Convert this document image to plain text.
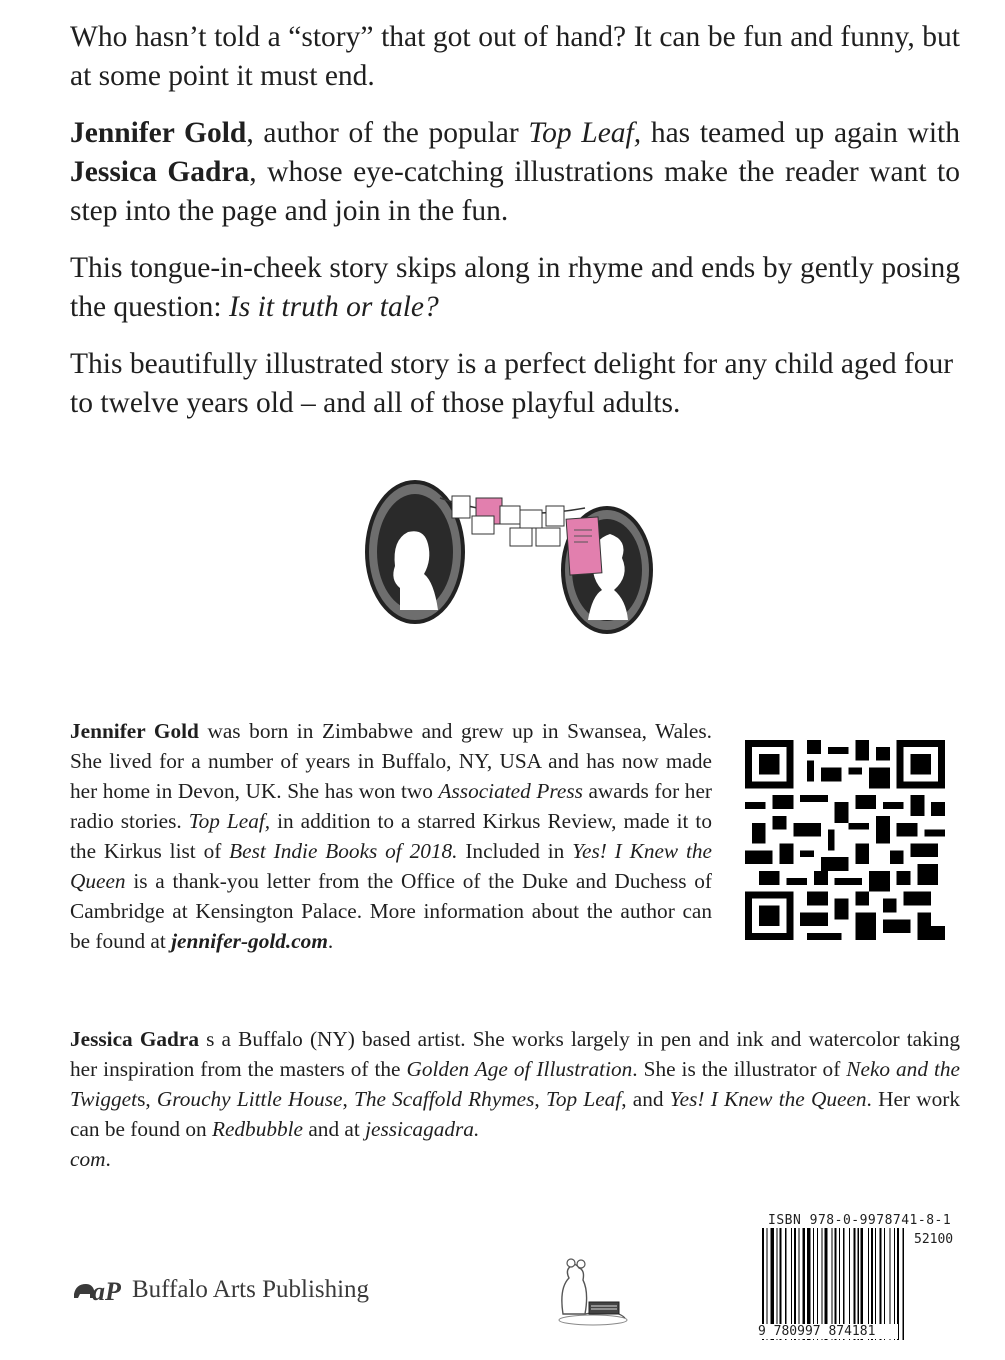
Who hasn’t told a “story” that got out of hand? It can be fun and funny, but at some point it must end.

Jennifer Gold, author of the popular Top Leaf, has teamed up again with Jessica Gadra, whose eye-catching illustrations make the reader want to step into the page and join in the fun.

This tongue-in-cheek story skips along in rhyme and ends by gently posing the question: Is it truth or tale?

This beautifully illustrated story is a perfect delight for any child aged four to twelve years old – and all of those playful adults.

Jennifer Gold was born in Zimbabwe and grew up in Swansea, Wales. She lived for a number of years in Buffalo, NY, USA and has now made her home in Devon, UK. She has won two Associated Press awards for her radio stories. Top Leaf, in addition to a starred Kirkus Review, made it to the Kirkus list of Best Indie Books of 2018. Included in Yes! I Knew the Queen is a thank-you letter from the Office of the Duke and Duchess of Cambridge at Kensington Palace. More information about the author can be found at jennifer-gold.com.

Jessica Gadra s a Buffalo (NY) based artist. She works largely in pen and ink and watercolor taking her inspiration from the masters of the Golden Age of Illustration. She is the illustrator of Neko and the Twiggets, Grouchy Little House, The Scaffold Rhymes, Top Leaf, and Yes! I Knew the Queen. Her work can be found on Redbubble and at jessicagadra.
com.

aP Buffalo Arts Publishing
ISBN 978-0-9978741-8-1
52100
9 780997 874181
